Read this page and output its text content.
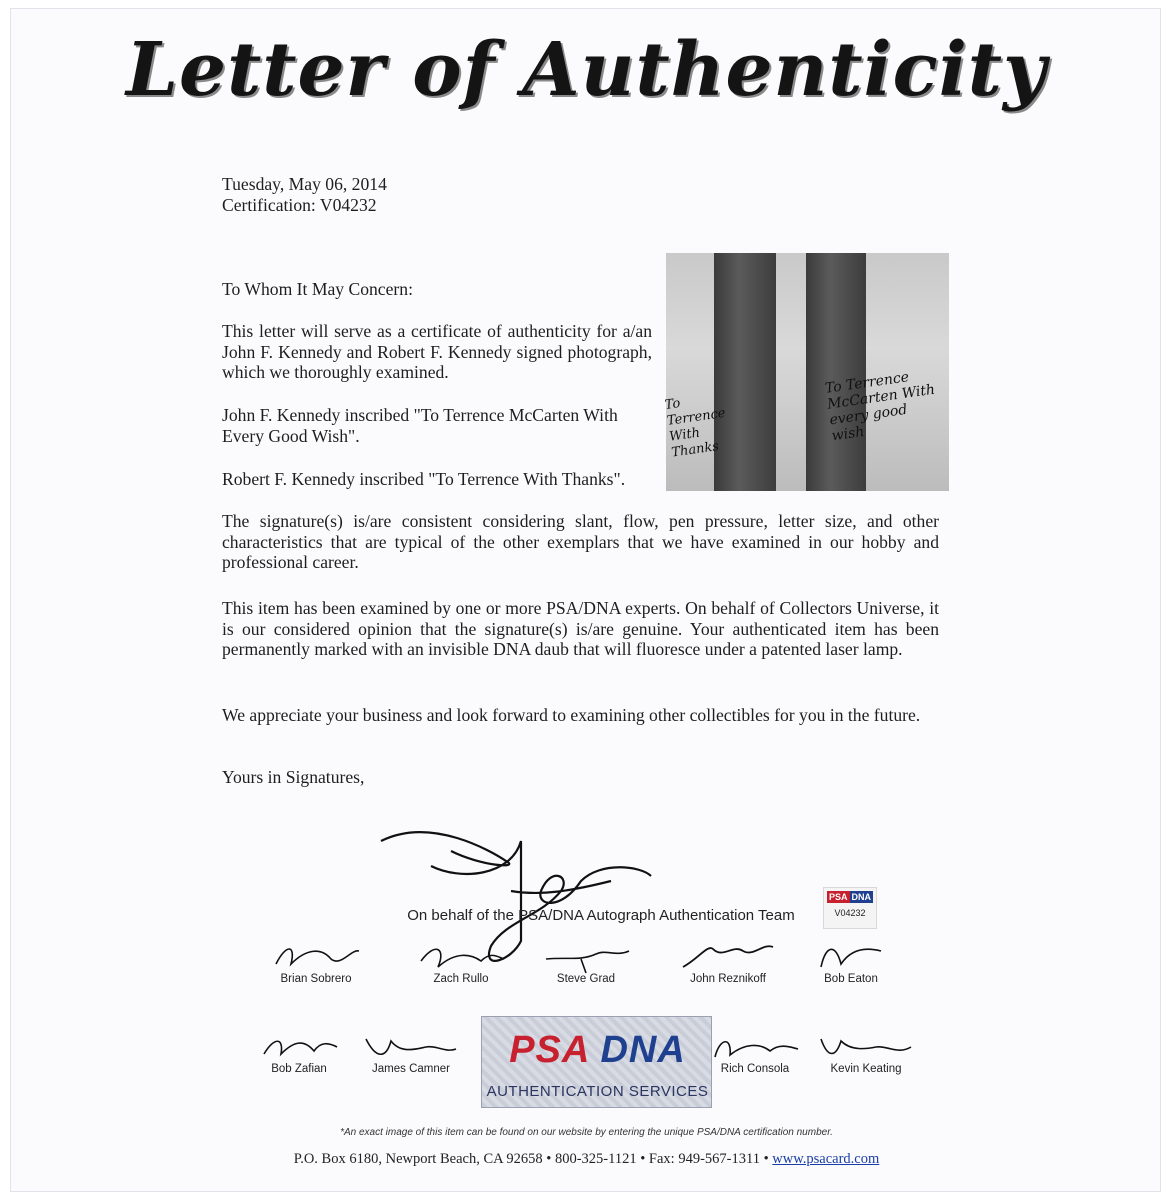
Letter of Authenticity
Tuesday, May 06, 2014
Certification: V04232
To Whom It May Concern:
This letter will serve as a certificate of authenticity for a/an John F. Kennedy and Robert F. Kennedy signed photograph, which we thoroughly examined.
John F. Kennedy inscribed "To Terrence McCarten With Every Good Wish".
Robert F. Kennedy inscribed "To Terrence With Thanks".
To Terrence With Thanks
To Terrence McCarten With every good wish
The signature(s) is/are consistent considering slant, flow, pen pressure, letter size, and other characteristics that are typical of the other exemplars that we have examined in our hobby and professional career.
This item has been examined by one or more PSA/DNA experts. On behalf of Collectors Universe, it is our considered opinion that the signature(s) is/are genuine. Your authenticated item has been permanently marked with an invisible DNA daub that will fluoresce under a patented laser lamp.
We appreciate your business and look forward to examining other collectibles for you in the future.
Yours in Signatures,
On behalf of the PSA/DNA Autograph Authentication Team
PSA DNA
V04232
Brian Sobrero	Zach Rullo	Steve Grad	John Reznikoff	Bob Eaton
Bob Zafian	James Camner	Rich Consola	Kevin Keating
PSA DNA
AUTHENTICATION SERVICES
*An exact image of this item can be found on our website by entering the unique PSA/DNA certification number.
P.O. Box 6180, Newport Beach, CA 92658 • 800-325-1121 • Fax: 949-567-1311 • www.psacard.com
